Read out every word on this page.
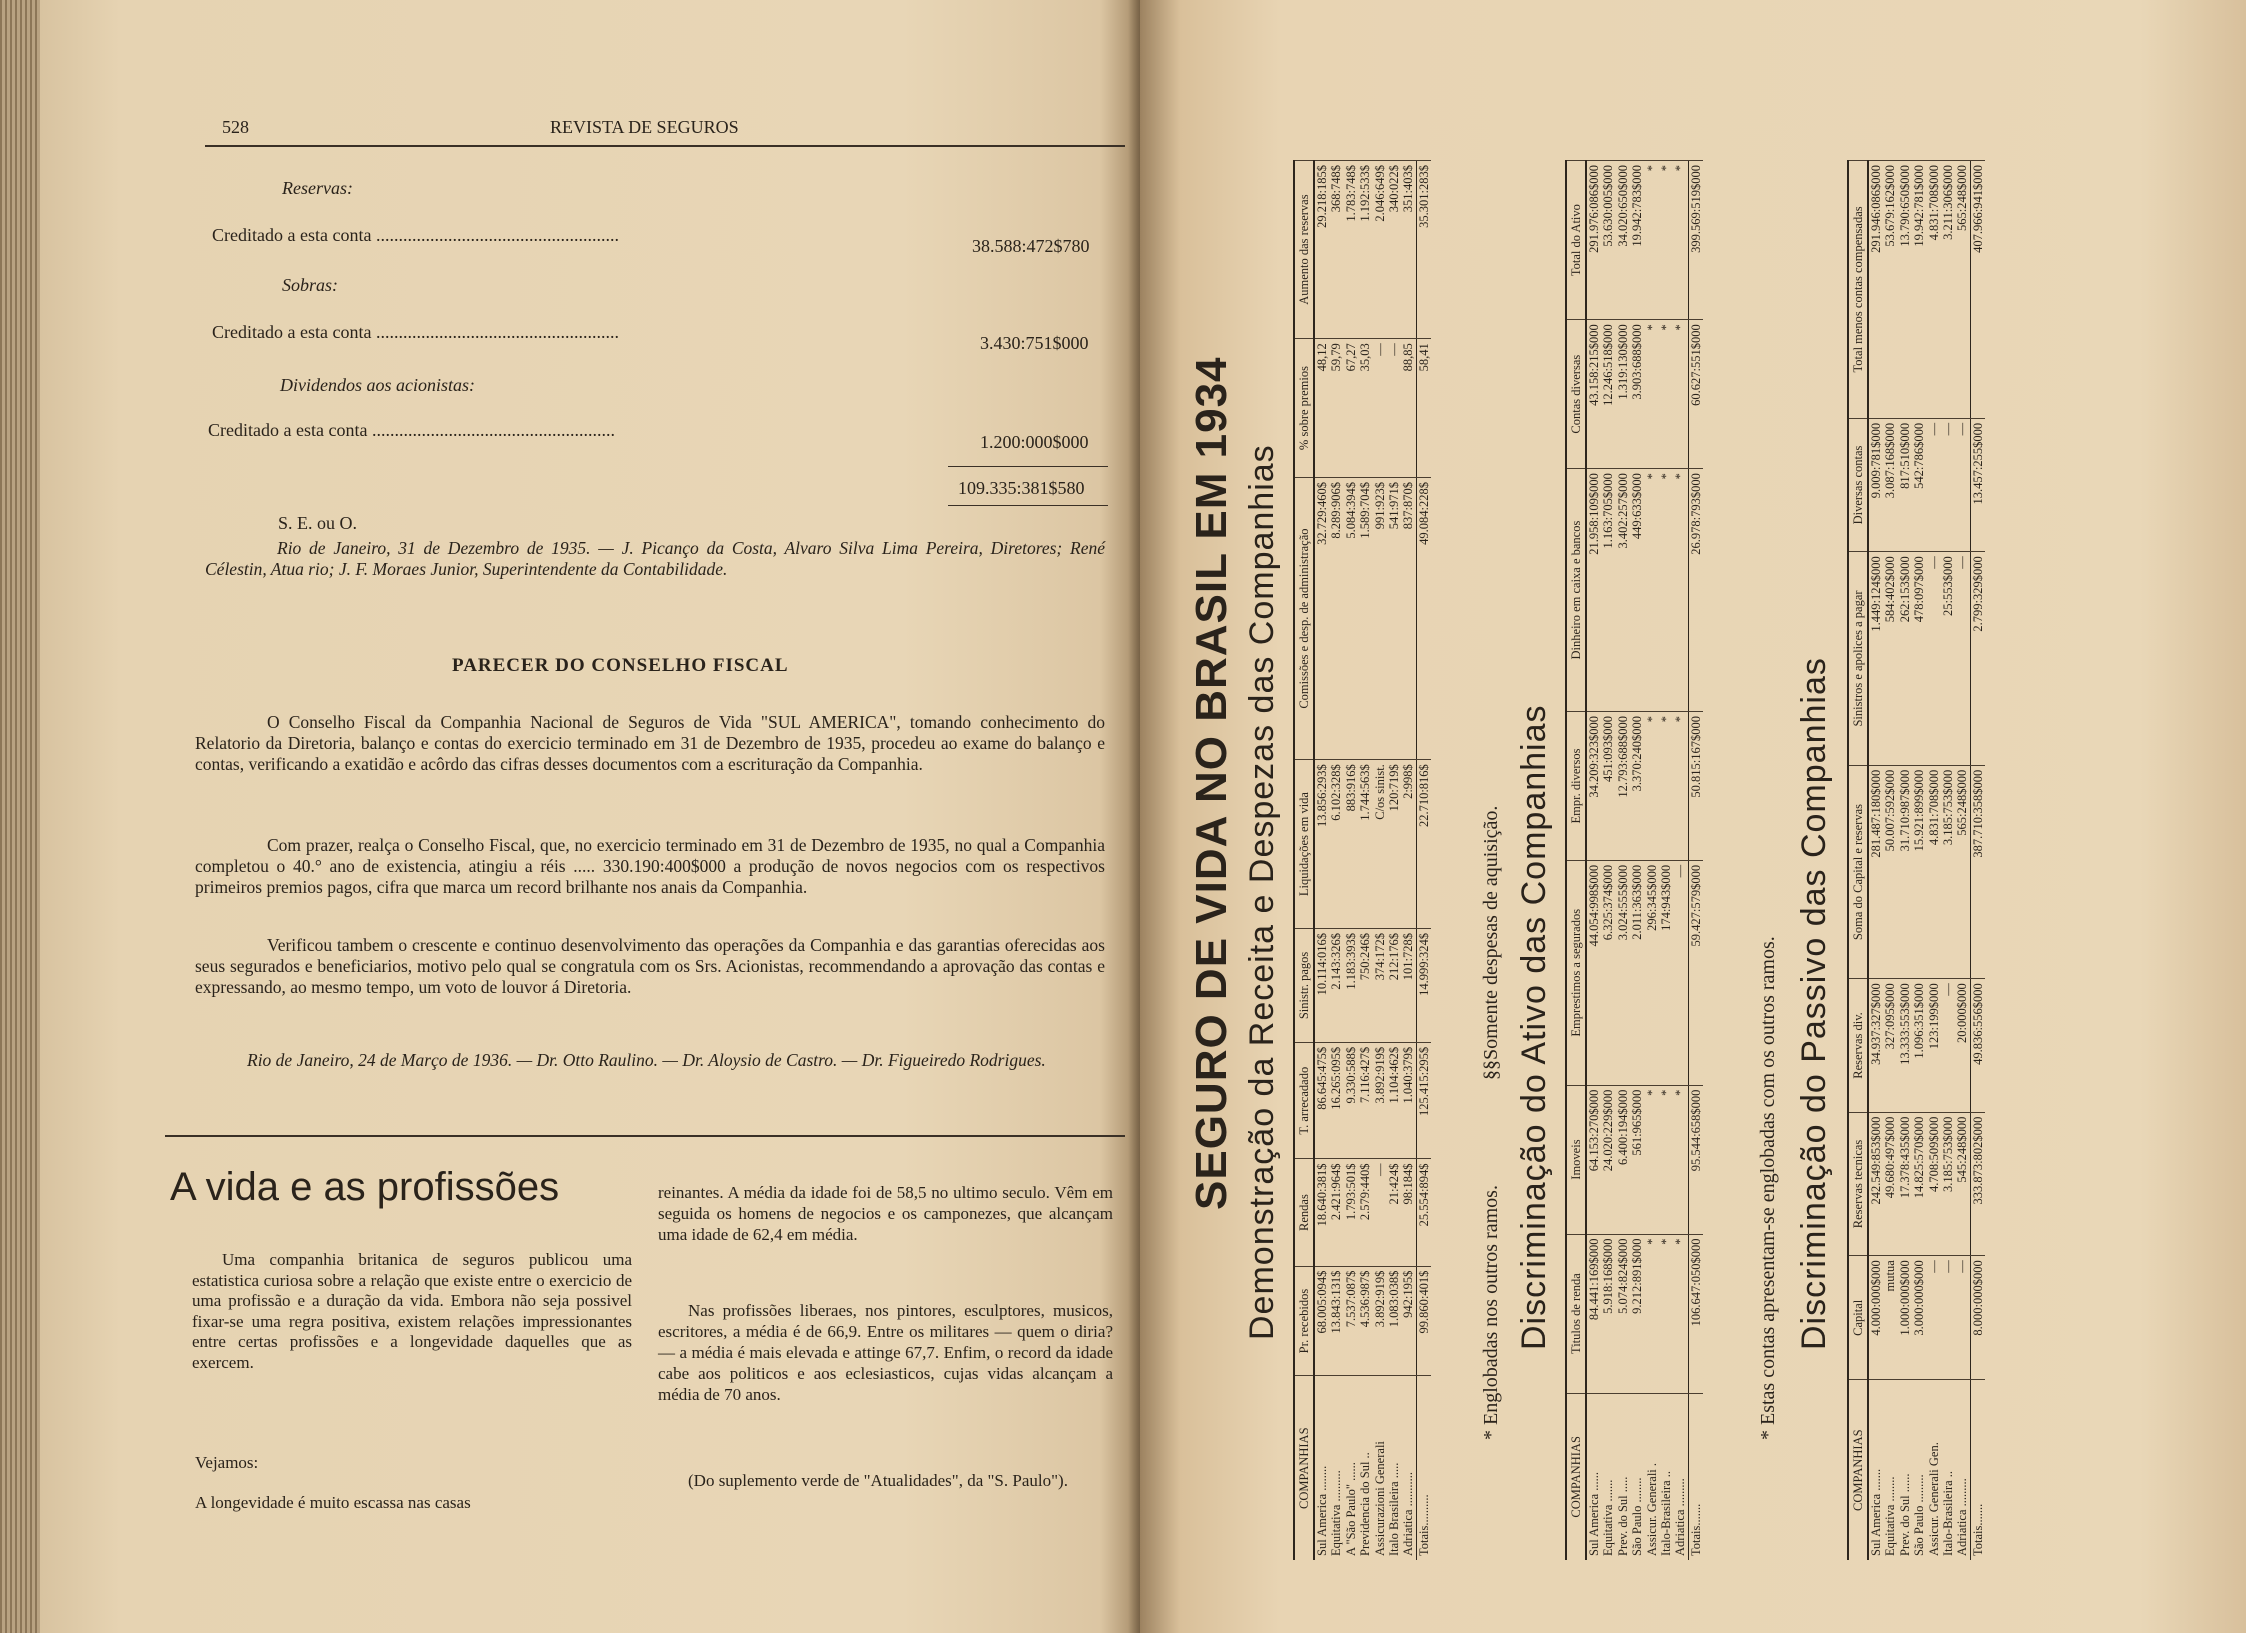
528	REVISTA DE SEGUROS
Reservas:
Creditado a esta conta ......................................................
38.588:472$780
Sobras:
Creditado a esta conta ......................................................
3.430:751$000
Dividendos aos acionistas:
Creditado a esta conta ......................................................
1.200:000$000
109.335:381$580
S. E. ou O.

Rio de Janeiro, 31 de Dezembro de 1935. — J. Picanço da Costa, Alvaro Silva Lima Pereira, Diretores; René Célestin, Atua rio; J. F. Moraes Junior, Superintendente da Contabilidade.

PARECER DO CONSELHO FISCAL

O Conselho Fiscal da Companhia Nacional de Seguros de Vida "SUL AMERICA", tomando conhecimento do Relatorio da Diretoria, balanço e contas do exercicio terminado em 31 de Dezembro de 1935, procedeu ao exame do balanço e contas, verificando a exatidão e acôrdo das cifras desses documentos com a escrituração da Companhia.

Com prazer, realça o Conselho Fiscal, que, no exercicio terminado em 31 de Dezembro de 1935, no qual a Companhia completou o 40.° ano de existencia, atingiu a réis ..... 330.190:400$000 a produção de novos negocios com os respectivos primeiros premios pagos, cifra que marca um record brilhante nos anais da Companhia.

Verificou tambem o crescente e continuo desenvolvimento das operações da Companhia e das garantias oferecidas aos seus segurados e beneficiarios, motivo pelo qual se congratula com os Srs. Acionistas, recommendando a aprovação das contas e expressando, ao mesmo tempo, um voto de louvor á Diretoria.

Rio de Janeiro, 24 de Março de 1936. — Dr. Otto Raulino. — Dr. Aloysio de Castro. — Dr. Figueiredo Rodrigues.

A vida e as profissões

Uma companhia britanica de seguros publicou uma estatistica curiosa sobre a relação que existe entre o exercicio de uma profissão e a duração da vida. Embora não seja possivel fixar-se uma regra positiva, existem relações impressionantes entre certas profissões e a longevidade daquelles que as exercem.

Vejamos:
A longevidade é muito escassa nas casas

reinantes. A média da idade foi de 58,5 no ultimo seculo. Vêm em seguida os homens de negocios e os camponezes, que alcançam uma idade de 62,4 em média.

Nas profissões liberaes, nos pintores, esculptores, musicos, escritores, a média é de 66,9. Entre os militares — quem o diria? — a média é mais elevada e attinge 67,7. Enfim, o record da idade cabe aos politicos e aos eclesiasticos, cujas vidas alcançam a média de 70 anos.

(Do suplemento verde de "Atualidades", da "S. Paulo").

SEGURO DE VIDA NO BRASIL EM 1934 Demonstração da Receita e Despezas das Companhias
COMPANHIAS	Pr. recebidos	Rendas	T. arrecadado	Sinistr. pagos	Liquidações em vida	Comissões e desp. de administração	% sobre premios	Aumento das reservas
Sul America ........	68.005:094$	18.640:381$	86.645:475$	10.114:016$	13.856:293$	32.729:460$	48,12	29.218:185$
Equitativa ..........	13.843:131$	2.421:964$	16.265:095$	2.143:326$	6.102:328$	8.289:906$	59,79	368:748$
A "São Paulo" ......	7.537:087$	1.793:501$	9.330:588$	1.183:393$	883:916$	5.084:394$	67,27	1.783:748$
Previdencia do Sul ..	4.536:987$	2.579:440$	7.116:427$	750:246$	1.744:563$	1.589:704$	35,03	1.192:533$
Assicurazioni Generali	3.892:919$	—	3.892:919$	374:172$	C/os sinist.	991:923$	—	2.046:649$
Italo Brasileira .....	1.083:038$	21:424$	1.104:462$	212:176$	120:719$	541:971$	—	340:022$
Adriatica ...........	942:195$	98:184$	1.040:379$	101:728$	2:998$	837:870$	88,85	351:403$
Totais..........	99.860:401$	25.554:894$	125.415:295$	14.999:324$	22.710:816$	49.084:228$	58,41	35.301:283$
* Englobadas nos outros ramos.
§§Somente despesas de aquisição. Discriminação do Ativo das Companhias
COMPANHIAS	Titulos de renda	Imoveis	Emprestimos a segurados	Empr. diversos	Dinheiro em caixa e bancos	Contas diversas	Total do Ativo
Sul America ......	84.441:169$000	64.153:270$000	44.054:998$000	34.209:323$000	21.958:109$000	43.158:215$000	291.976:086$000
Equitativa .......	5.918:168$000	24.020:229$000	6.325:374$000	451:093$000	1.163:705$000	12.246:518$000	53.630:005$000
Prev. do Sul .....	5.074:824$000	6.400:194$000	3.024:555$000	12.793:688$000	3.402:257$000	1.319:130$000	34.020:650$000
São Paulo ........	9.212:891$000	561:965$000	2.011:363$000	3.370:240$000	449:633$000	3.903:688$000	19.942:783$000
Assicur. Generali .	*	*	296:345$000	*	*	*	*
Italo-Brasileira ..	*	*	174:943$000	*	*	*	*
Adriatica .........	*	*	—	*	*	*	*
Totais.......	106.647:050$000	95.544:658$000	59.427:579$000	50.815:167$000	26.978:793$000	60.627:551$000	399.569:519$000
* Estas contas apresentam-se englobadas com os outros ramos. Discriminação do Passivo das Companhias
COMPANHIAS	Capital	Reservas tecnicas	Reservas div.	Soma do Capital e reservas	Sinistros e apolices a pagar	Diversas contas	Total menos contas compensadas
Sul America .......	4.000:000$000	242.549:853$000	34.937:327$000	281.487:180$000	1.449:124$000	9.009:781$000	291.946:086$000
Equitativa ........	mutua	49.680:497$000	327:095$000	50.007:592$000	584:402$000	3.087:168$000	53.679:162$000
Prev. do Sul ......	1.000:000$000	17.378:435$000	13.333:553$000	31.710:987$000	262:153$000	817:510$000	13.790:650$000
São Paulo .........	3.000:000$000	14.825:570$000	1.096:351$000	15.921:899$000	478:097$000	542:786$000	19.942:781$000
Assicur. Generali Gen.	—	4.708:509$000	123:199$000	4.831:708$000	—	—	4.831:708$000
Italo-Brasileira ..	—	3.185:753$000	—	3.185:753$000	25:553$000	—	3.211:306$000
Adriatica .........	—	545:248$000	20:000$000	565:248$000	—	—	565:248$000
Totais.......	8.000:000$000	333.873:802$000	49.836:556$000	387.710:358$000	2.799:329$000	13.457:255$000	407.966:941$000
